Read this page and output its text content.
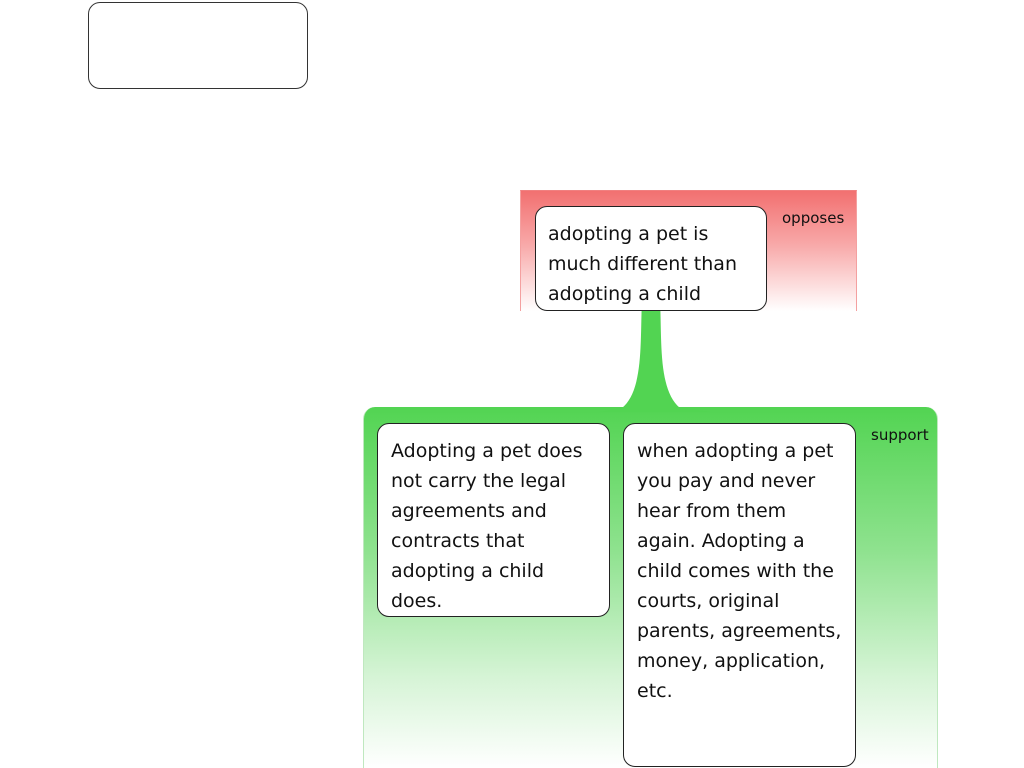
opposes
support

adopting a pet is much different than adopting a child

Adopting a pet does not carry the legal agreements and contracts that adopting a child does.

when adopting a pet you pay and never hear from them again. Adopting a child comes with the courts, original parents, agreements, money, application, etc.
